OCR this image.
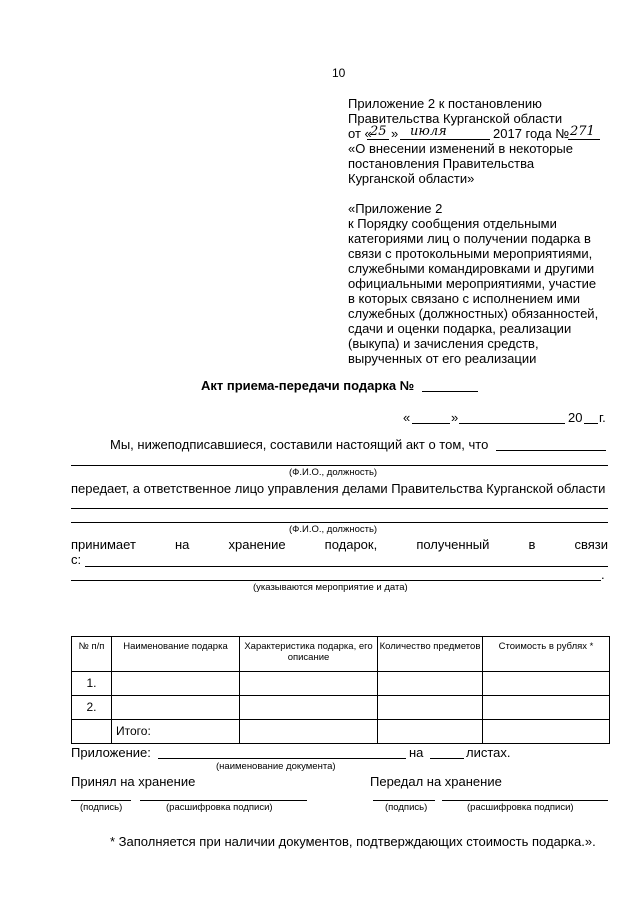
10
Приложение 2 к постановлению
Правительства Курганской области
от «
25 » июля	2017 года № 271
«О внесении изменений в некоторые
постановления Правительства
Курганской области»
«Приложение 2
к Порядку сообщения отдельными
категориями лиц о получении подарка в
связи с протокольными мероприятиями,
служебными командировками и другими
официальными мероприятиями, участие
в которых связано с исполнением ими
служебных (должностных) обязанностей,
сдачи и оценки подарка, реализации
(выкупа) и зачисления средств,
вырученных от его реализации
Акт приема-передачи подарка №
«	»	20 г.
Мы, нижеподписавшиеся, составили настоящий акт о том, что
(Ф.И.О., должность)
передает, а ответственное лицо управления делами Правительства Курганской области
(Ф.И.О., должность)
принимает	на	хранение	подарок,	полученный	в	связи
с:
.
(указываются мероприятие и дата)
№ п/п	Наименование подарка	Характеристика подарка, его описание	Количество предметов	Стоимость в рублях *
1.				
2.				
	Итого:			
Приложение:	на	листах.
(наименование документа)
Принял на хранение	Передал на хранение
(подпись)	(расшифровка подписи)	(подпись)	(расшифровка подписи)
* Заполняется при наличии документов, подтверждающих стоимость подарка.».
